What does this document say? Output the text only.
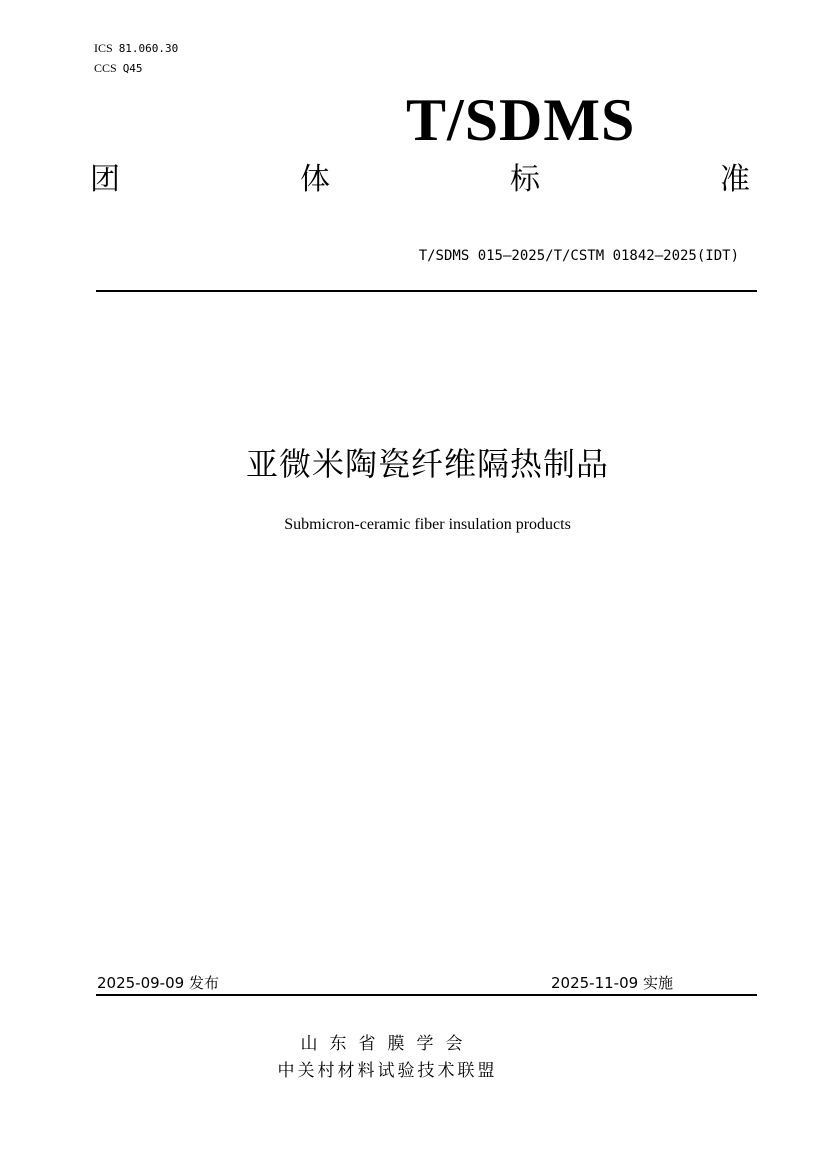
ICS 81.060.30
CCS Q45
T/SDMS
团	体	标	准
T/SDMS 015—2025/T/CSTM 01842—2025(IDT)
亚微米陶瓷纤维隔热制品
Submicron-ceramic fiber insulation products
2025-09-09 发布	2025-11-09 实施
山东省膜学会
中关村材料试验技术联盟
